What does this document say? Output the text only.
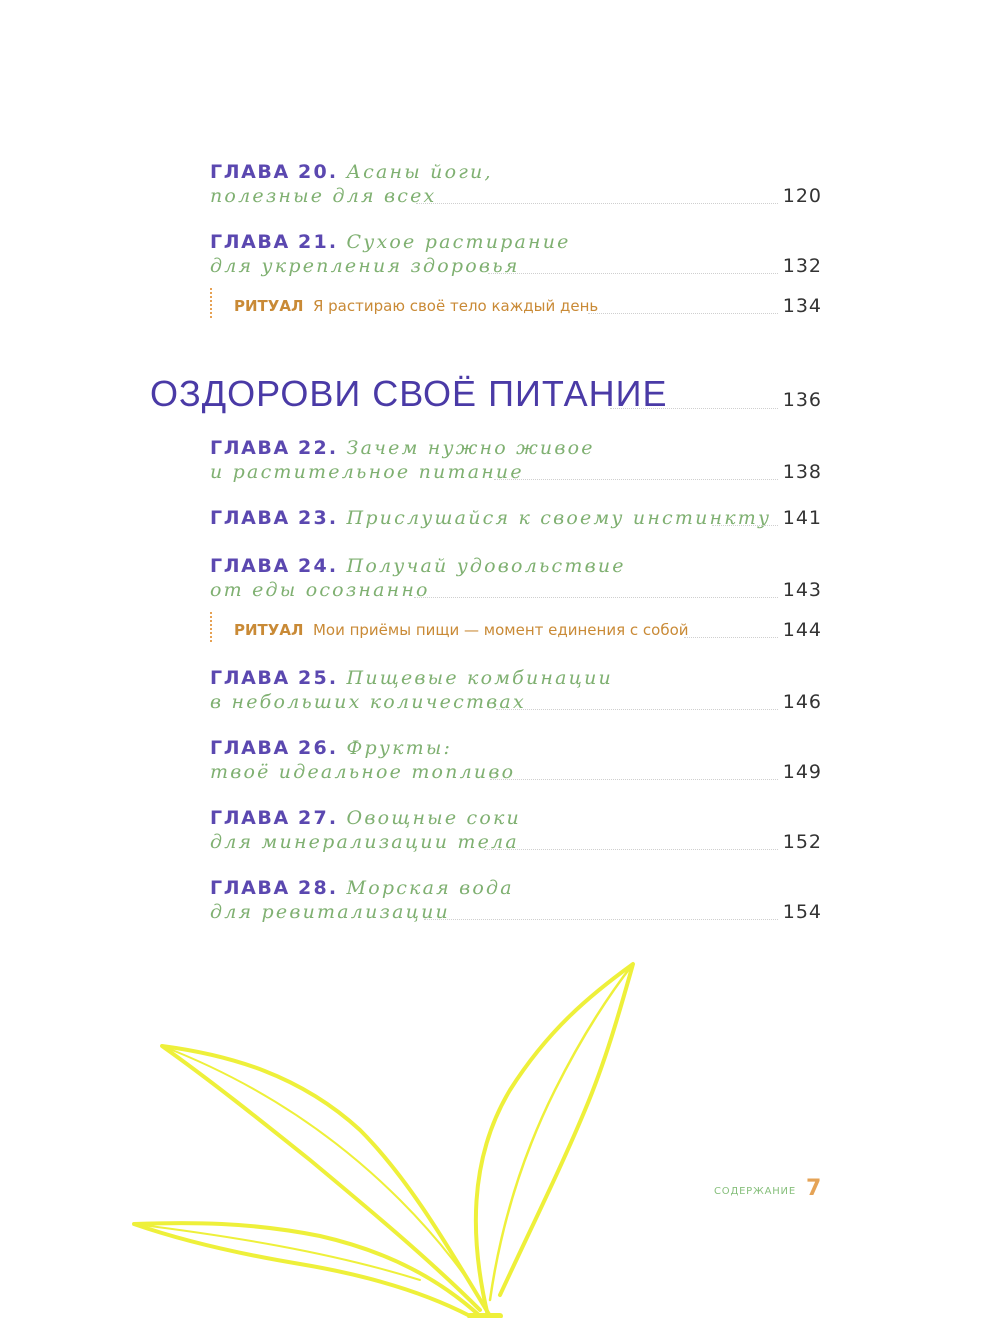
ГЛАВА 20. Асаны йоги,
полезные для всех	120
ГЛАВА 21. Сухое растирание
для укрепления здоровья	132
РИТУАЛ Я растираю своё тело каждый день	134
ОЗДОРОВИ СВОЁ ПИТАНИЕ	136
ГЛАВА 22. Зачем нужно живое
и растительное питание	138
ГЛАВА 23. Прислушайся к своему инстинкту 141
ГЛАВА 24. Получай удовольствие
от еды осознанно	143
РИТУАЛ Мои приёмы пищи — момент единения с собой	144
ГЛАВА 25. Пищевые комбинации
в небольших количествах	146
ГЛАВА 26. Фрукты:
твоё идеальное топливо	149
ГЛАВА 27. Овощные соки
для минерализации тела	152
ГЛАВА 28. Морская вода
для ревитализации	154
СОДЕРЖАНИЕ 7
